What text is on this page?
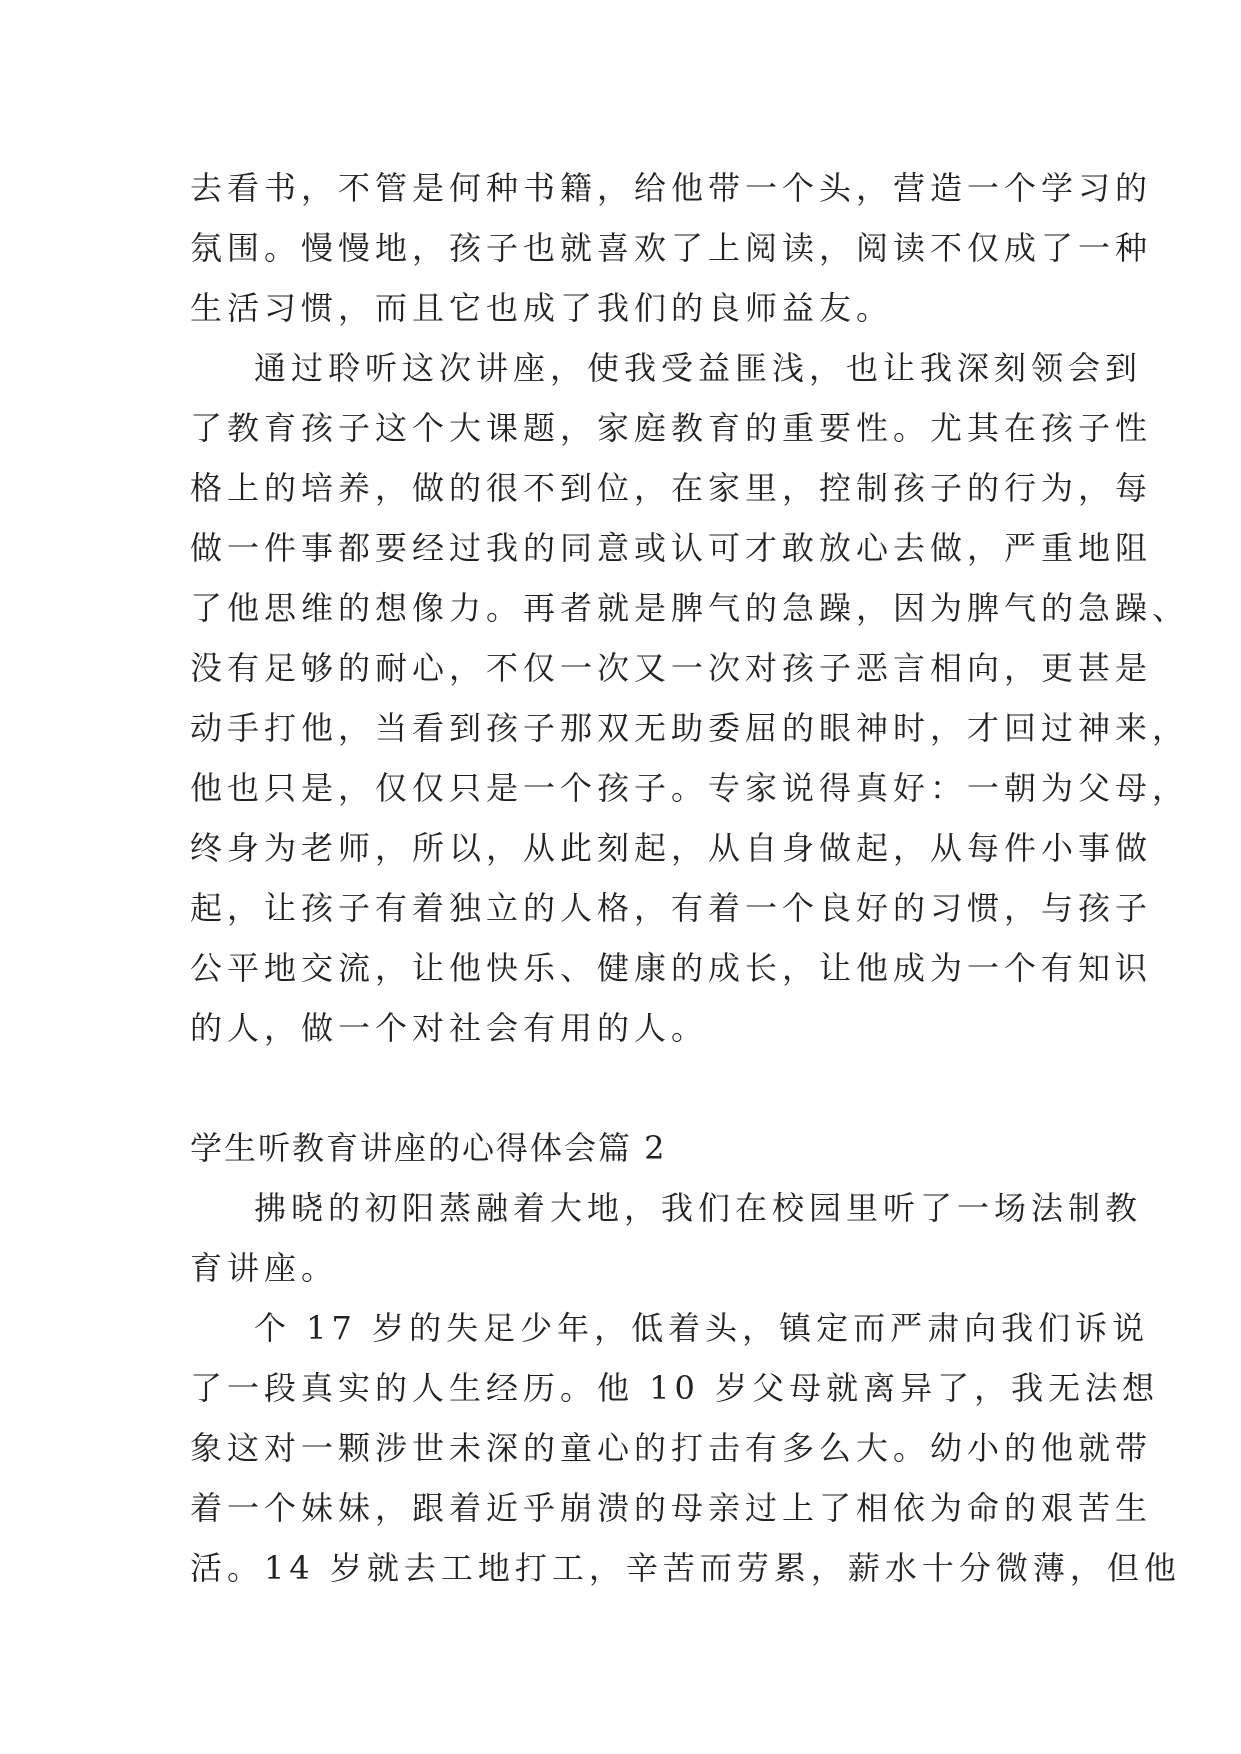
去看书，不管是何种书籍，给他带一个头，营造一个学习的
氛围。慢慢地，孩子也就喜欢了上阅读，阅读不仅成了一种
生活习惯，而且它也成了我们的良师益友。
通过聆听这次讲座，使我受益匪浅，也让我深刻领会到
了教育孩子这个大课题，家庭教育的重要性。尤其在孩子性
格上的培养，做的很不到位，在家里，控制孩子的行为，每
做一件事都要经过我的同意或认可才敢放心去做，严重地阻
了他思维的想像力。再者就是脾气的急躁，因为脾气的急躁、
没有足够的耐心，不仅一次又一次对孩子恶言相向，更甚是
动手打他，当看到孩子那双无助委屈的眼神时，才回过神来，
他也只是，仅仅只是一个孩子。专家说得真好：一朝为父母，
终身为老师，所以，从此刻起，从自身做起，从每件小事做
起，让孩子有着独立的人格，有着一个良好的习惯，与孩子
公平地交流，让他快乐、健康的成长，让他成为一个有知识
的人，做一个对社会有用的人。
学生听教育讲座的心得体会篇 2
拂晓的初阳蒸融着大地，我们在校园里听了一场法制教
育讲座。
个 17 岁的失足少年，低着头，镇定而严肃向我们诉说
了一段真实的人生经历。他 10 岁父母就离异了，我无法想
象这对一颗涉世未深的童心的打击有多么大。幼小的他就带
着一个妹妹，跟着近乎崩溃的母亲过上了相依为命的艰苦生
活。14 岁就去工地打工，辛苦而劳累，薪水十分微薄，但他
